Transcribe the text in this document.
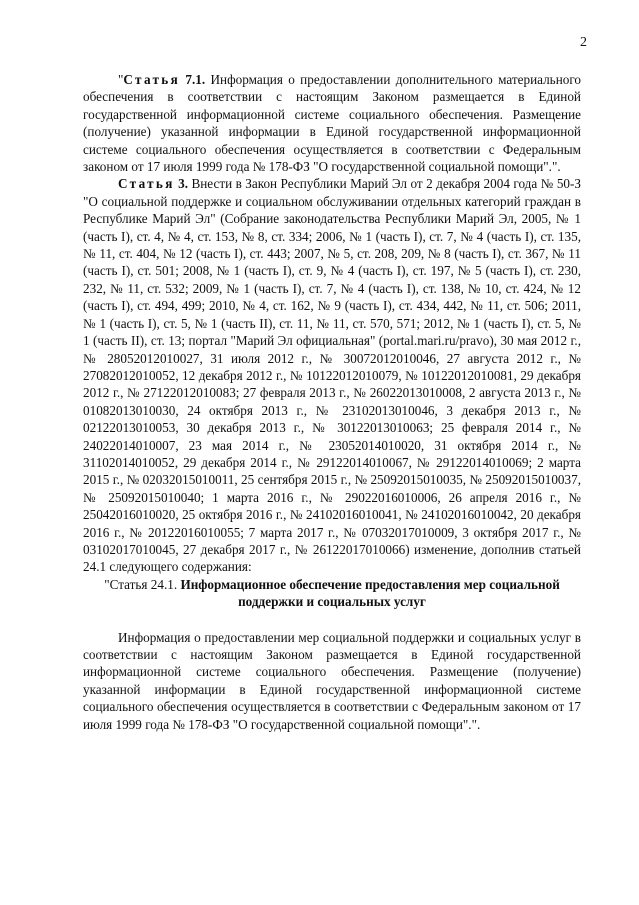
2

"Статья 7.1. Информация о предоставлении дополнительного материального обеспечения в соответствии с настоящим Законом размещается в Единой государственной информационной системе социального обеспечения. Размещение (получение) указанной информации в Единой государственной информационной системе социального обеспечения осуществляется в соответствии с Федеральным законом от 17 июля 1999 года № 178-ФЗ "О государственной социальной помощи".".

Статья 3. Внести в Закон Республики Марий Эл от 2 декабря 2004 года № 50-З "О социальной поддержке и социальном обслуживании отдельных категорий граждан в Республике Марий Эл" (Собрание законодательства Республики Марий Эл, 2005, № 1 (часть I), ст. 4, № 4, ст. 153, № 8, ст. 334; 2006, № 1 (часть I), ст. 7, № 4 (часть I), ст. 135, № 11, ст. 404, № 12 (часть I), ст. 443; 2007, № 5, ст. 208, 209, № 8 (часть I), ст. 367, № 11 (часть I), ст. 501; 2008, № 1 (часть I), ст. 9, № 4 (часть I), ст. 197, № 5 (часть I), ст. 230, 232, № 11, ст. 532; 2009, № 1 (часть I), ст. 7, № 4 (часть I), ст. 138, № 10, ст. 424, № 12 (часть I), ст. 494, 499; 2010, № 4, ст. 162, № 9 (часть I), ст. 434, 442, № 11, ст. 506; 2011, № 1 (часть I), ст. 5, № 1 (часть II), ст. 11, № 11, ст. 570, 571; 2012, № 1 (часть I), ст. 5, № 1 (часть II), ст. 13; портал "Марий Эл официальная" (portal.mari.ru/pravo), 30 мая 2012 г., № 28052012010027, 31 июля 2012 г., № 30072012010046, 27 августа 2012 г., № 27082012010052, 12 декабря 2012 г., № 10122012010079, № 10122012010081, 29 декабря 2012 г., № 27122012010083; 27 февраля 2013 г., № 26022013010008, 2 августа 2013 г., № 01082013010030, 24 октября 2013 г., № 23102013010046, 3 декабря 2013 г., № 02122013010053, 30 декабря 2013 г., № 30122013010063; 25 февраля 2014 г., № 24022014010007, 23 мая 2014 г., № 23052014010020, 31 октября 2014 г., № 31102014010052, 29 декабря 2014 г., № 29122014010067, № 29122014010069; 2 марта 2015 г., № 02032015010011, 25 сентября 2015 г., № 25092015010035, № 25092015010037, № 25092015010040; 1 марта 2016 г., № 29022016010006, 26 апреля 2016 г., № 25042016010020, 25 октября 2016 г., № 24102016010041, № 24102016010042, 20 декабря 2016 г., № 20122016010055; 7 марта 2017 г., № 07032017010009, 3 октября 2017 г., № 03102017010045, 27 декабря 2017 г., № 26122017010066) изменение, дополнив статьей 24.1 следующего содержания:

"Статья 24.1. Информационное обеспечение предоставления мер социальной поддержки и социальных услуг

Информация о предоставлении мер социальной поддержки и социальных услуг в соответствии с настоящим Законом размещается в Единой государственной информационной системе социального обеспечения. Размещение (получение) указанной информации в Единой государственной информационной системе социального обеспечения осуществляется в соответствии с Федеральным законом от 17 июля 1999 года № 178-ФЗ "О государственной социальной помощи".".
